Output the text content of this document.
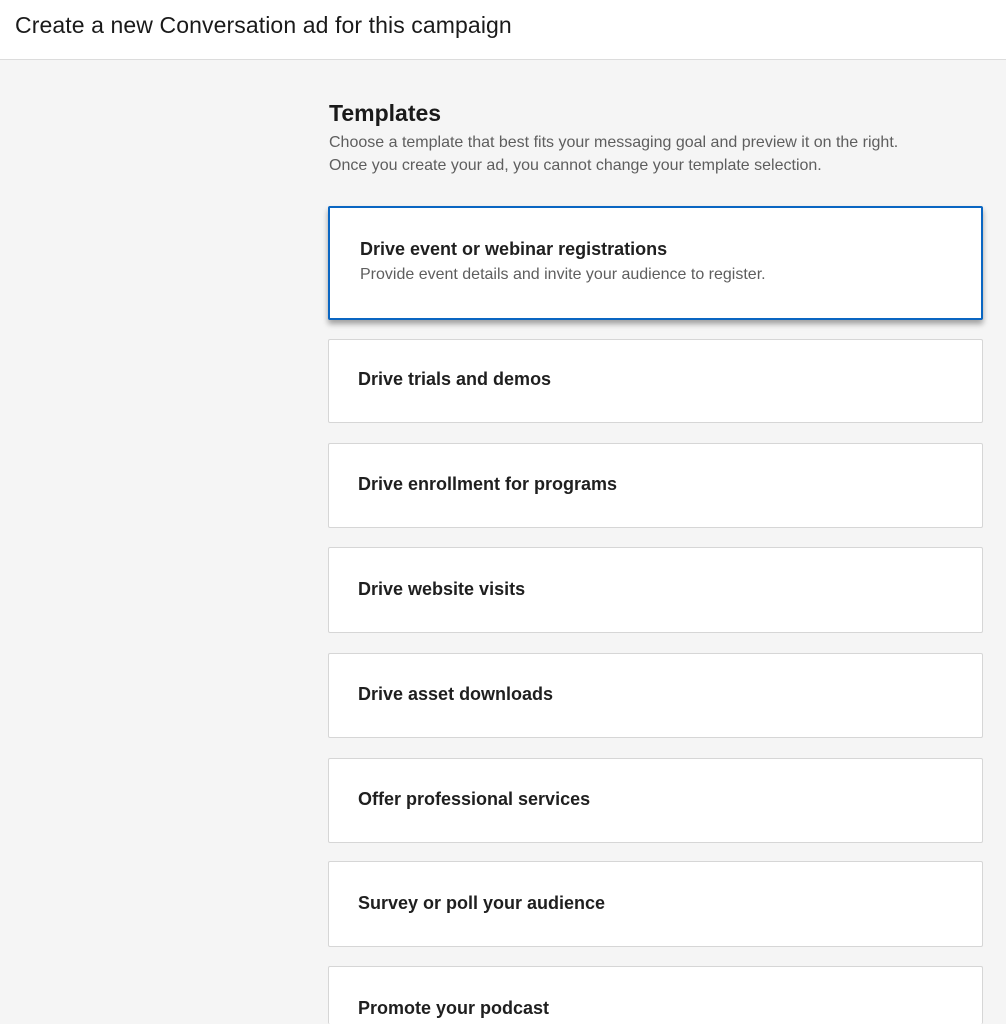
Create a new Conversation ad for this campaign
Templates
Choose a template that best fits your messaging goal and preview it on the right.
Once you create your ad, you cannot change your template selection.
Drive event or webinar registrations
Provide event details and invite your audience to register.
Drive trials and demos
Drive enrollment for programs
Drive website visits
Drive asset downloads
Offer professional services
Survey or poll your audience
Promote your podcast
